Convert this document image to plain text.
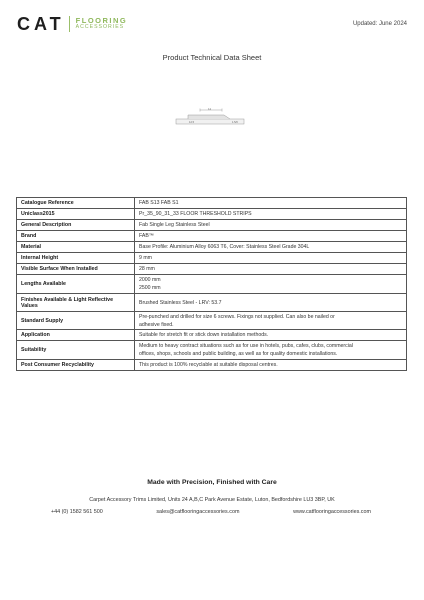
CAT FLOORING
ACCESSORIES	Updated: June 2024
Product Technical Data Sheet
14
12.5	1.5/0
Catalogue Reference	FAB S13 FAB S1

Uniclass2015	Pr_35_90_31_33 FLOOR THRESHOLD STRIPS

General Description	Fab Single Leg Stainless Steel

Brand	FAB™

Material	Base Profile: Aluminium Alloy 6063 T6, Cover: Stainless Steel Grade 304L

Internal Height	9 mm

Visible Surface When Installed	28 mm

Lengths Available	2000 mm
2500 mm

Finishes Available & Light Reflective Values	Brushed Stainless Steel - LRV: 53.7

Standard Supply	Pre-punched and drilled for size 6 screws. Fixings not supplied. Can also be nailed or
adhesive fixed.

Application	Suitable for stretch fit or stick down installation methods.

Suitability	Medium to heavy contract situations such as for use in hotels, pubs, cafes, clubs, commercial
offices, shops, schools and public building, as well as for quality domestic installations.

Post Consumer Recyclability	This product is 100% recyclable at suitable disposal centres.
Made with Precision, Finished with Care
Carpet Accessory Trims Limited, Units 24 A,B,C Park Avenue Estate, Luton, Bedfordshire LU3 3BP, UK
+44 (0) 1582 561 500	sales@catflooringaccessories.com	www.catflooringaccessories.com
